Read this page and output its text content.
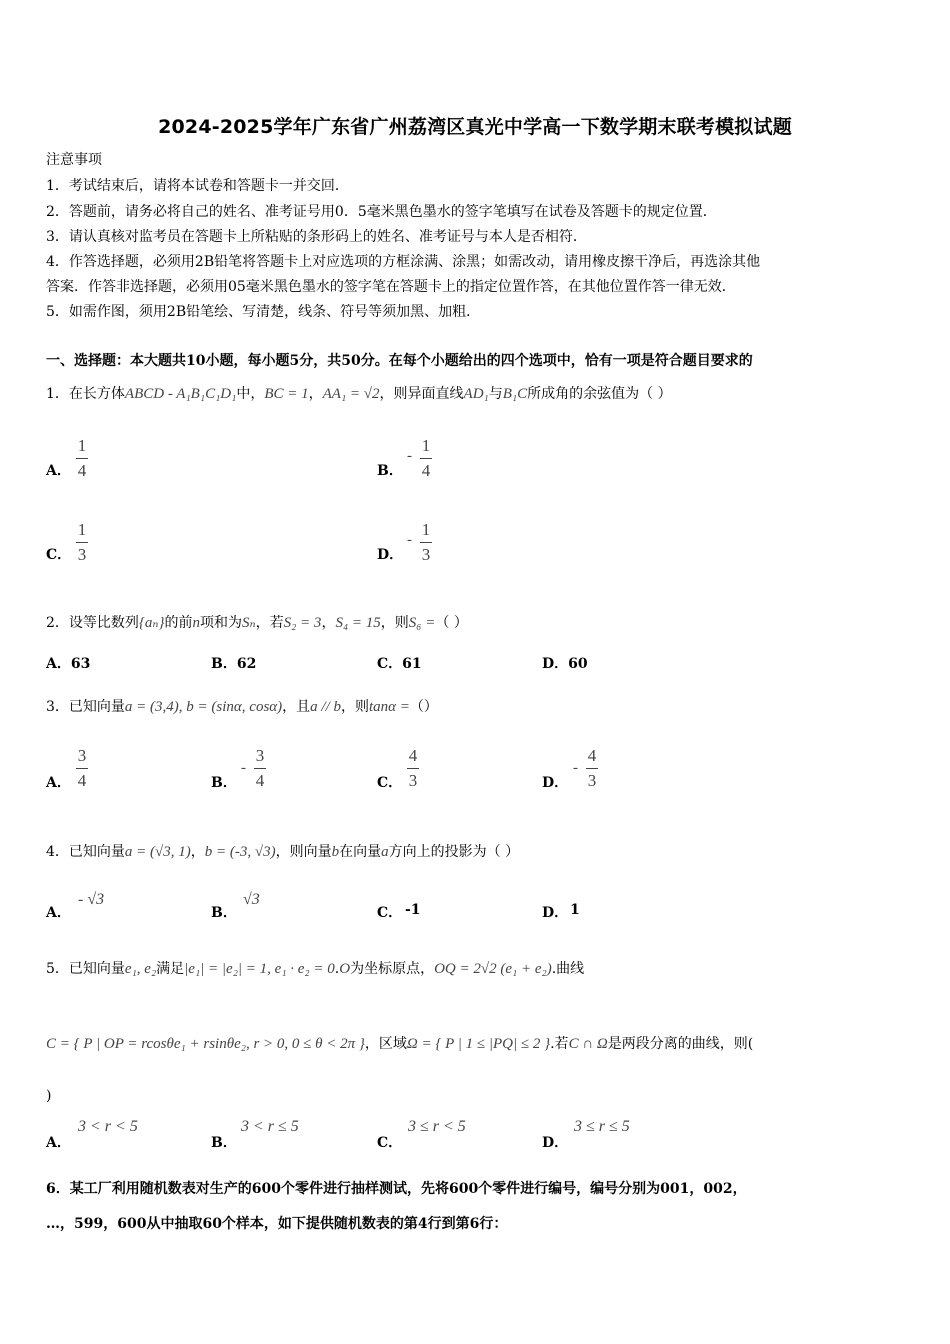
2024-2025学年广东省广州荔湾区真光中学高一下数学期末联考模拟试题
注意事项
1．考试结束后，请将本试卷和答题卡一并交回．
2．答题前，请务必将自己的姓名、准考证号用0．5毫米黑色墨水的签字笔填写在试卷及答题卡的规定位置．
3．请认真核对监考员在答题卡上所粘贴的条形码上的姓名、准考证号与本人是否相符．
4．作答选择题，必须用2B铅笔将答题卡上对应选项的方框涂满、涂黑；如需改动，请用橡皮擦干净后，再选涂其他
答案．作答非选择题，必须用05毫米黑色墨水的签字笔在答题卡上的指定位置作答，在其他位置作答一律无效．
5．如需作图，须用2B铅笔绘、写清楚，线条、符号等须加黑、加粗．
一、选择题：本大题共10小题，每小题5分，共50分。在每个小题给出的四个选项中，恰有一项是符合题目要求的
1．在长方体ABCD - A₁B₁C₁D₁中，BC = 1，AA₁ = √2，则异面直线AD₁与B₁C所成角的余弦值为（ ）
A．
1
4	B．
-
1
4
C．
1
3	D．
-
1
3
2．设等比数列{aₙ}的前n项和为Sₙ，若S₂ = 3，S₄ = 15，则S₆ =（ ）
A．63	B．62	C．61	D．60
3．已知向量a = (3,4), b = (sinα, cosα)，且a // b，则tanα =（）
A．
3
4	B．
-
3
4	C．
4
3	D．
-
4
3
4．已知向量a = (√3, 1)，b = (-3, √3)，则向量b在向量a方向上的投影为（ ）
A．
- √3
B．
√3
C． -1	D． 1
5．已知向量e₁, e₂满足|e₁| = |e₂| = 1, e₁ · e₂ = 0.O为坐标原点，OQ = 2√2 (e₁ + e₂).曲线
C = { P | OP = rcosθe₁ + rsinθe₂, r > 0, 0 ≤ θ < 2π }，区域Ω = { P | 1 ≤ |PQ| ≤ 2 }.若C ∩ Ω是两段分离的曲线，则(
)
A．
3 < r < 5
B．
3 < r ≤ 5
C．
3 ≤ r < 5
D．
3 ≤ r ≤ 5
6．某工厂利用随机数表对生产的600个零件进行抽样测试，先将600个零件进行编号，编号分别为001，002，
…，599，600从中抽取60个样本，如下提供随机数表的第4行到第6行：
